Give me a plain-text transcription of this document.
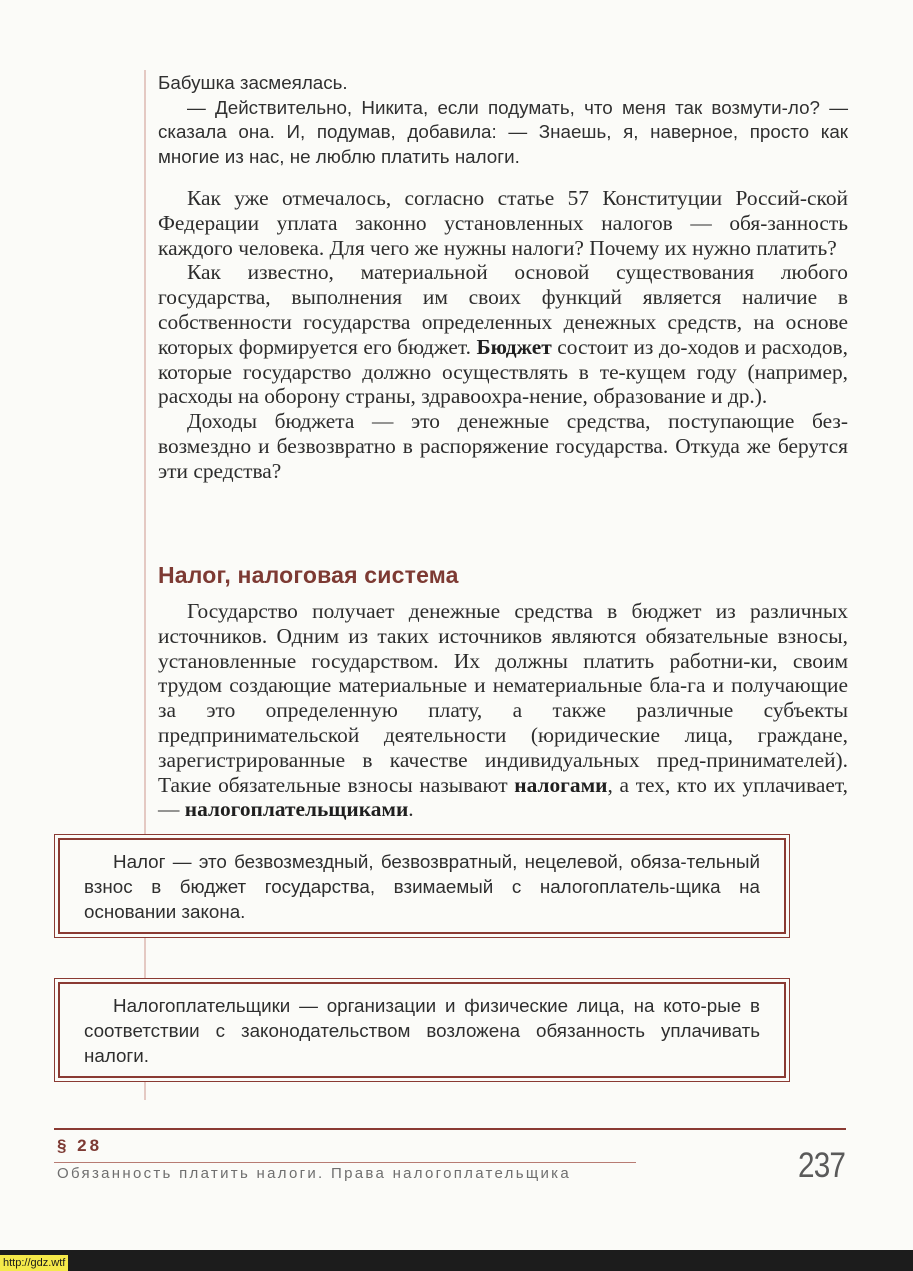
Бабушка засмеялась.

— Действительно, Никита, если подумать, что меня так возмути-ло? — сказала она. И, подумав, добавила: — Знаешь, я, наверное, просто как многие из нас, не люблю платить налоги.

Как уже отмечалось, согласно статье 57 Конституции Россий-ской Федерации уплата законно установленных налогов — обя-занность каждого человека. Для чего же нужны налоги? Почему их нужно платить?

Как известно, материальной основой существования любого государства, выполнения им своих функций является наличие в собственности государства определенных денежных средств, на основе которых формируется его бюджет. Бюджет состоит из до-ходов и расходов, которые государство должно осуществлять в те-кущем году (например, расходы на оборону страны, здравоохра-нение, образование и др.).

Доходы бюджета — это денежные средства, поступающие без-возмездно и безвозвратно в распоряжение государства. Откуда же берутся эти средства?

Налог, налоговая система

Государство получает денежные средства в бюджет из различных источников. Одним из таких источников являются обязательные взносы, установленные государством. Их должны платить работни-ки, своим трудом создающие материальные и нематериальные бла-га и получающие за это определенную плату, а также различные субъекты предпринимательской деятельности (юридические лица, граждане, зарегистрированные в качестве индивидуальных пред-принимателей). Такие обязательные взносы называют налогами, а тех, кто их уплачивает, — налогоплательщиками.

Налог — это безвозмездный, безвозвратный, нецелевой, обяза-тельный взнос в бюджет государства, взимаемый с налогоплатель-щика на основании закона.

Налогоплательщики — организации и физические лица, на кото-рые в соответствии с законодательством возложена обязанность уплачивать налоги.

§ 28
Обязанность платить налоги. Права налогоплательщика	237
http://gdz.wtf
